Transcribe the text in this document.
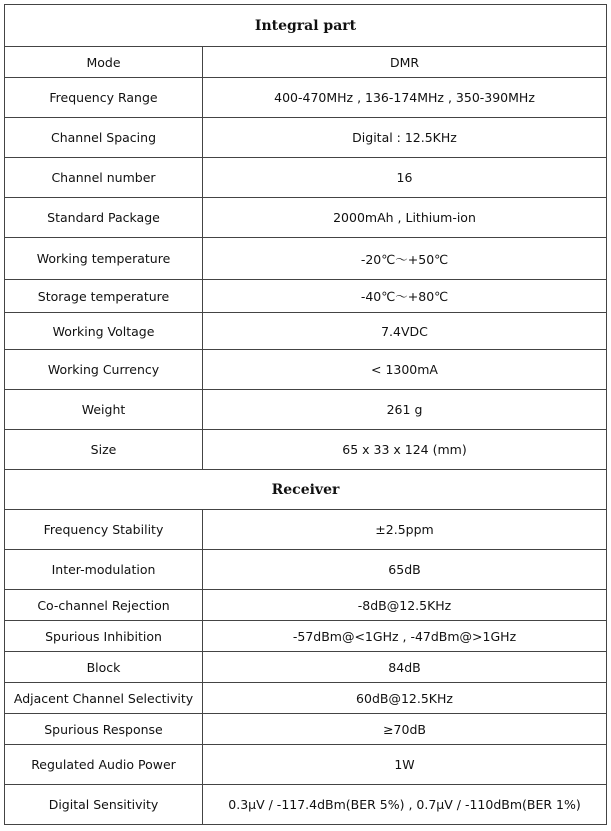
Integral part	
Mode	DMR
Frequency Range	400-470MHz , 136-174MHz , 350-390MHz
Channel Spacing	Digital : 12.5KHz
Channel number	16
Standard Package	2000mAh , Lithium-ion
Working temperature	-20℃～+50℃
Storage temperature	-40℃～+80℃
Working Voltage	7.4VDC
Working Currency	< 1300mA
Weight	261 g
Size	65 x 33 x 124 (mm)
Receiver	
Frequency Stability	±2.5ppm
Inter-modulation	65dB
Co-channel Rejection	-8dB@12.5KHz
Spurious Inhibition	-57dBm@<1GHz , -47dBm@>1GHz
Block	84dB
Adjacent Channel Selectivity	60dB@12.5KHz
Spurious Response	≥70dB
Regulated Audio Power	1W
Digital Sensitivity	0.3μV / -117.4dBm(BER 5%) , 0.7μV / -110dBm(BER 1%)
